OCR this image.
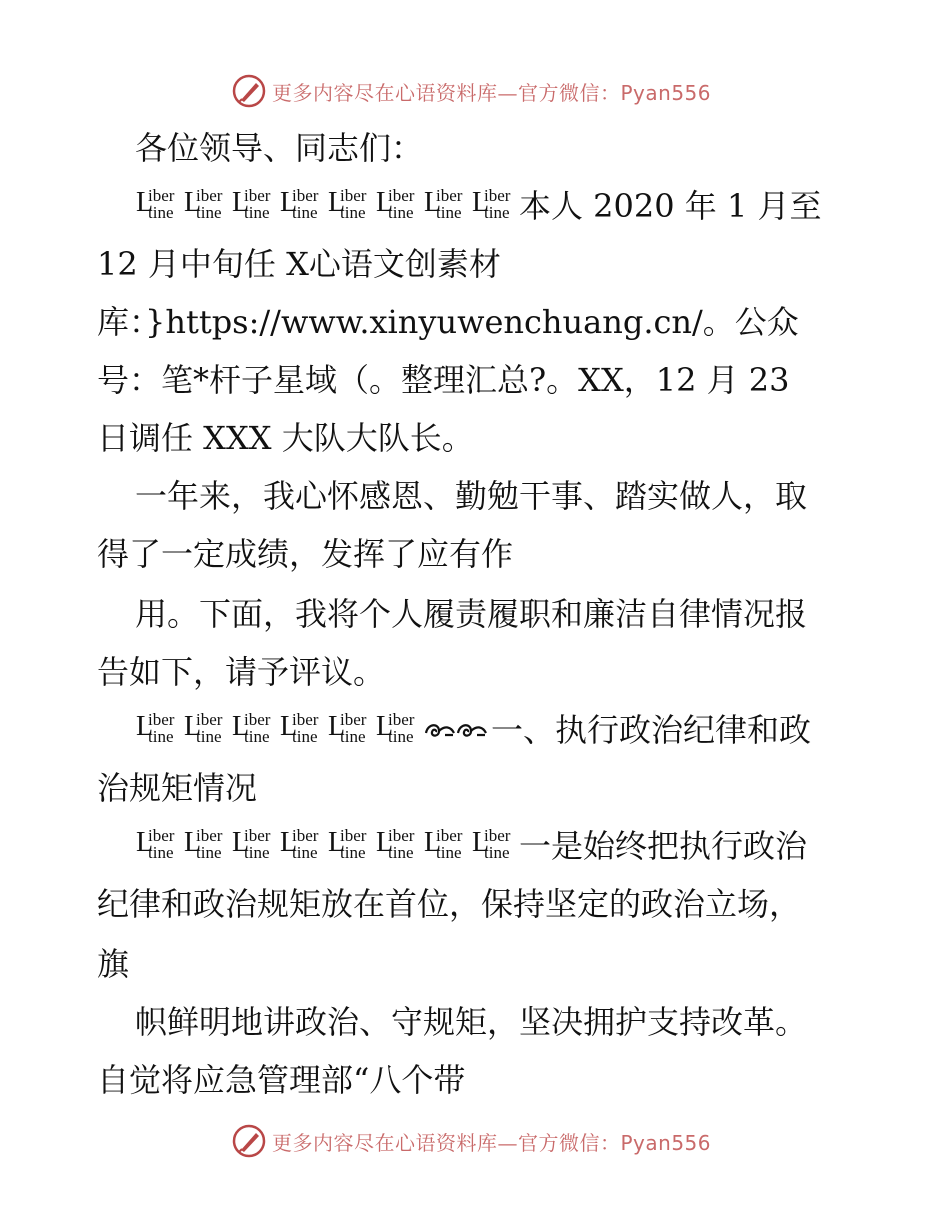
更多内容尽在心语资料库—官方微信：Pyan556
各位领导、同志们：
L
iber
tine L
iber
tine L
iber
tine L
iber
tine L
iber
tine L
iber
tine L
iber
tine L
iber
tine 本人 2020 年 1 月至
12 月中旬任 X心语文创素材
库：}https://www.xinyuwenchuang.cn/。公众
号：笔*杆子星域（。整理汇总?。XX，12 月 23
日调任 XXX 大队大队长。
一年来，我心怀感恩、勤勉干事、踏实做人，取
得了一定成绩，发挥了应有作
用。下面，我将个人履责履职和廉洁自律情况报
告如下，请予评议。
L
iber
tine L
iber
tine L
iber
tine L
iber
tine L
iber
tine L
iber
tine 一、执行政治纪律和政
治规矩情况
L
iber
tine L
iber
tine L
iber
tine L
iber
tine L
iber
tine L
iber
tine L
iber
tine L
iber
tine 一是始终把执行政治
纪律和政治规矩放在首位，保持坚定的政治立场，
旗
帜鲜明地讲政治、守规矩，坚决拥护支持改革。
自觉将应急管理部“八个带
更多内容尽在心语资料库—官方微信：Pyan556
